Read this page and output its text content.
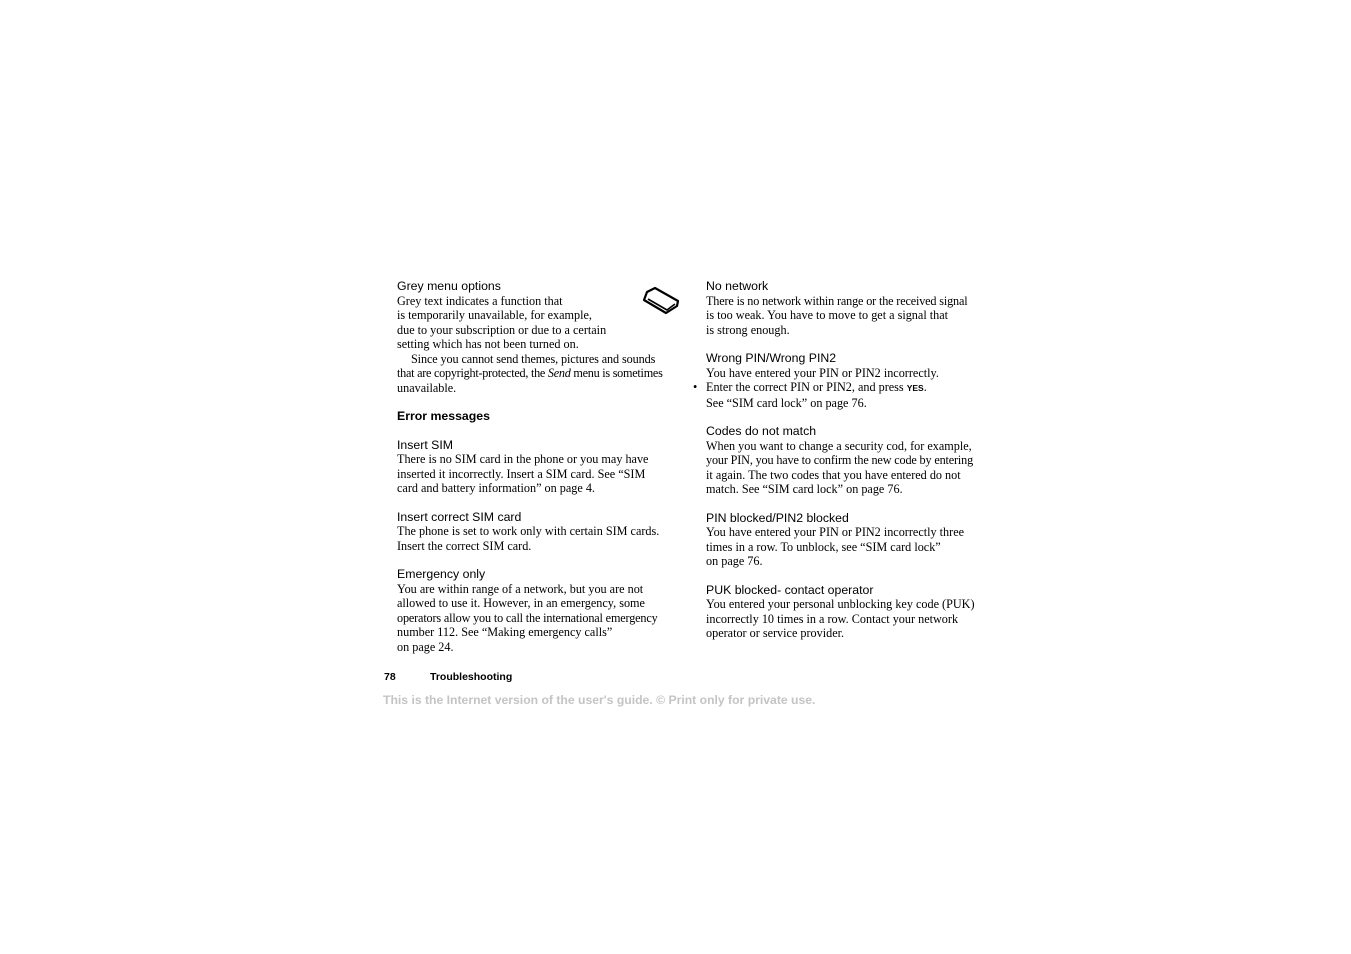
Grey menu options
Grey text indicates a function that
is temporarily unavailable, for example,
due to your subscription or due to a certain
setting which has not been turned on.
Since you cannot send themes, pictures and sounds
that are copyright-protected, the Send menu is sometimes
unavailable.
Error messages
Insert SIM
There is no SIM card in the phone or you may have
inserted it incorrectly. Insert a SIM card. See “SIM
card and battery information” on page 4.
Insert correct SIM card
The phone is set to work only with certain SIM cards.
Insert the correct SIM card.
Emergency only
You are within range of a network, but you are not
allowed to use it. However, in an emergency, some
operators allow you to call the international emergency
number 112. See “Making emergency calls”
on page 24.
No network
There is no network within range or the received signal
is too weak. You have to move to get a signal that
is strong enough.
Wrong PIN/Wrong PIN2
You have entered your PIN or PIN2 incorrectly.
• Enter the correct PIN or PIN2, and press YES.
See “SIM card lock” on page 76.
Codes do not match
When you want to change a security cod, for example,
your PIN, you have to confirm the new code by entering
it again. The two codes that you have entered do not
match. See “SIM card lock” on page 76.
PIN blocked/PIN2 blocked
You have entered your PIN or PIN2 incorrectly three
times in a row. To unblock, see “SIM card lock”
on page 76.
PUK blocked- contact operator
You entered your personal unblocking key code (PUK)
incorrectly 10 times in a row. Contact your network
operator or service provider.
78	Troubleshooting
This is the Internet version of the user's guide. © Print only for private use.
